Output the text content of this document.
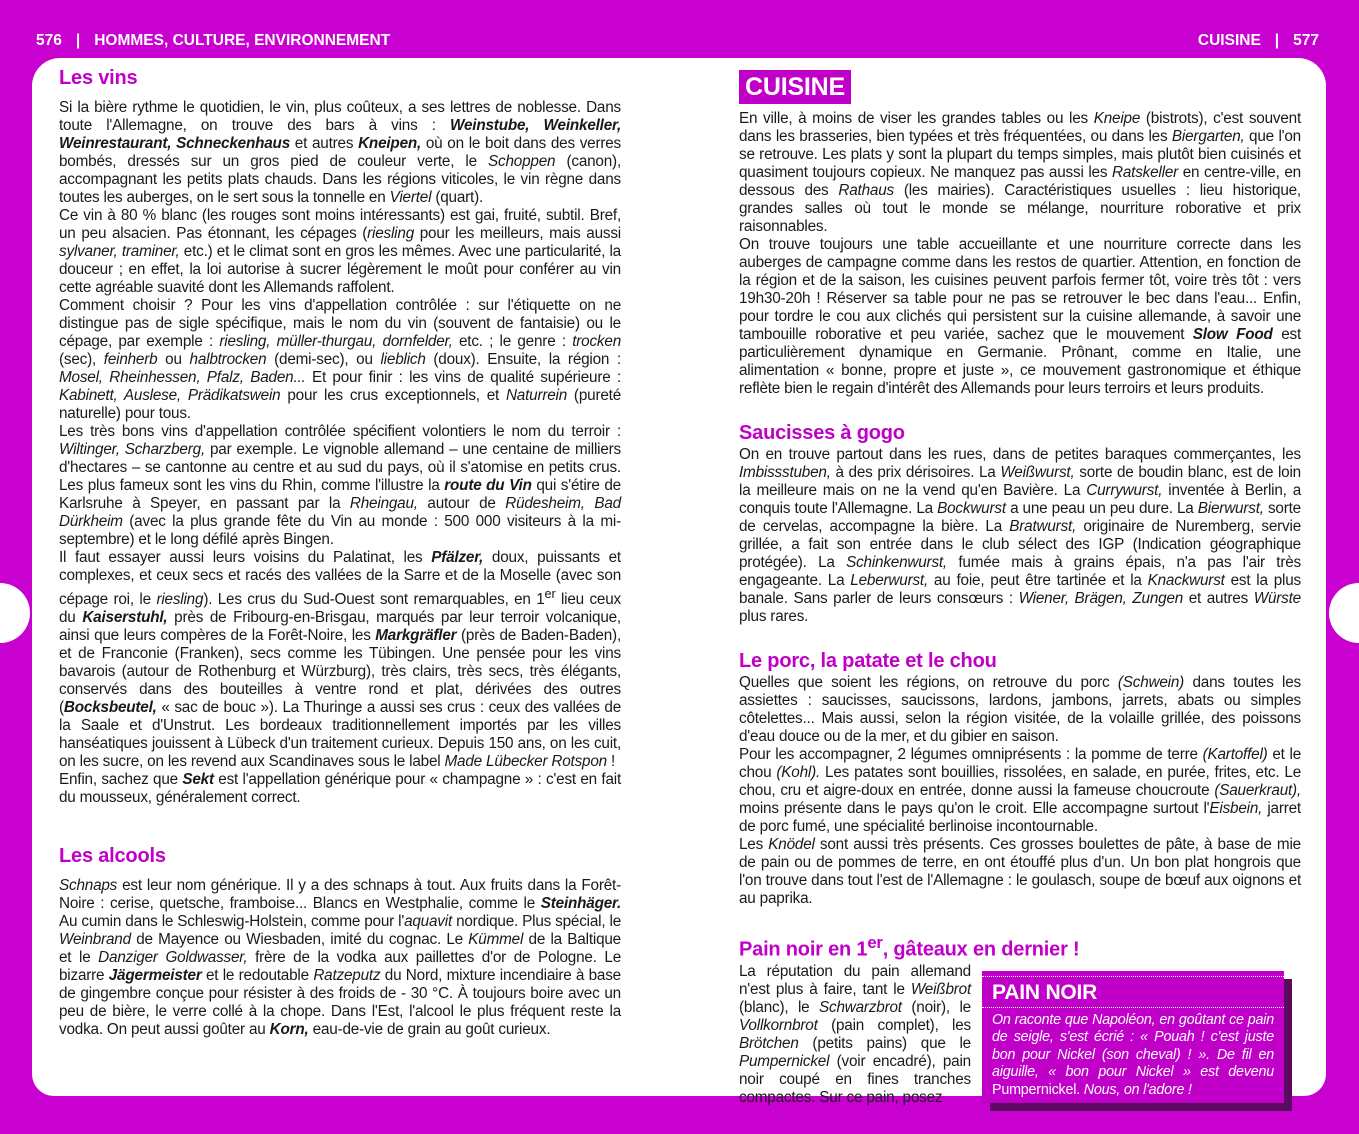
576 | HOMMES, CULTURE, ENVIRONNEMENT	CUISINE | 577
Les vins

Si la bière rythme le quotidien, le vin, plus coûteux, a ses lettres de noblesse. Dans toute l'Allemagne, on trouve des bars à vins : Weinstube, Weinkeller, Weinrestaurant, Schneckenhaus et autres Kneipen, où on le boit dans des verres bombés, dressés sur un gros pied de couleur verte, le Schoppen (canon), accompagnant les petits plats chauds. Dans les régions viticoles, le vin règne dans toutes les auberges, on le sert sous la tonnelle en Viertel (quart).

Ce vin à 80 % blanc (les rouges sont moins intéressants) est gai, fruité, subtil. Bref, un peu alsacien. Pas étonnant, les cépages (riesling pour les meilleurs, mais aussi sylvaner, traminer, etc.) et le climat sont en gros les mêmes. Avec une particularité, la douceur ; en effet, la loi autorise à sucrer légèrement le moût pour conférer au vin cette agréable suavité dont les Allemands raffolent.

Comment choisir ? Pour les vins d'appellation contrôlée : sur l'étiquette on ne distingue pas de sigle spécifique, mais le nom du vin (souvent de fantaisie) ou le cépage, par exemple : riesling, müller-thurgau, dornfelder, etc. ; le genre : trocken (sec), feinherb ou halbtrocken (demi-sec), ou lieblich (doux). Ensuite, la région : Mosel, Rheinhessen, Pfalz, Baden... Et pour finir : les vins de qualité supérieure : Kabinett, Auslese, Prädikatswein pour les crus exceptionnels, et Naturrein (pureté naturelle) pour tous.

Les très bons vins d'appellation contrôlée spécifient volontiers le nom du terroir : Wiltinger, Scharzberg, par exemple. Le vignoble allemand – une centaine de milliers d'hectares – se cantonne au centre et au sud du pays, où il s'atomise en petits crus. Les plus fameux sont les vins du Rhin, comme l'illustre la route du Vin qui s'étire de Karlsruhe à Speyer, en passant par la Rheingau, autour de Rüdesheim, Bad Dürkheim (avec la plus grande fête du Vin au monde : 500 000 visiteurs à la mi-septembre) et le long défilé après Bingen.

Il faut essayer aussi leurs voisins du Palatinat, les Pfälzer, doux, puissants et complexes, et ceux secs et racés des vallées de la Sarre et de la Moselle (avec son cépage roi, le riesling). Les crus du Sud-Ouest sont remarquables, en 1er lieu ceux du Kaiserstuhl, près de Fribourg-en-Brisgau, marqués par leur terroir volcanique, ainsi que leurs compères de la Forêt-Noire, les Markgräfler (près de Baden-Baden), et de Franconie (Franken), secs comme les Tübingen. Une pensée pour les vins bavarois (autour de Rothenburg et Würzburg), très clairs, très secs, très élégants, conservés dans des bouteilles à ventre rond et plat, dérivées des outres (Bocksbeutel, « sac de bouc »). La Thuringe a aussi ses crus : ceux des vallées de la Saale et d'Unstrut. Les bordeaux traditionnellement importés par les villes hanséatiques jouissent à Lübeck d'un traitement curieux. Depuis 150 ans, on les cuit, on les sucre, on les revend aux Scandinaves sous le label Made Lübecker Rotspon !

Enfin, sachez que Sekt est l'appellation générique pour « champagne » : c'est en fait du mousseux, généralement correct.

Les alcools

Schnaps est leur nom générique. Il y a des schnaps à tout. Aux fruits dans la Forêt-Noire : cerise, quetsche, framboise... Blancs en Westphalie, comme le Steinhäger. Au cumin dans le Schleswig-Holstein, comme pour l'aquavit nordique. Plus spécial, le Weinbrand de Mayence ou Wiesbaden, imité du cognac. Le Kümmel de la Baltique et le Danziger Goldwasser, frère de la vodka aux paillettes d'or de Pologne. Le bizarre Jägermeister et le redoutable Ratzeputz du Nord, mixture incendiaire à base de gingembre conçue pour résister à des froids de - 30 °C. À toujours boire avec un peu de bière, le verre collé à la chope. Dans l'Est, l'alcool le plus fréquent reste la vodka. On peut aussi goûter au Korn, eau-de-vie de grain au goût curieux.

CUISINE

En ville, à moins de viser les grandes tables ou les Kneipe (bistrots), c'est souvent dans les brasseries, bien typées et très fréquentées, ou dans les Biergarten, que l'on se retrouve. Les plats y sont la plupart du temps simples, mais plutôt bien cuisinés et quasiment toujours copieux. Ne manquez pas aussi les Ratskeller en centre-ville, en dessous des Rathaus (les mairies). Caractéristiques usuelles : lieu historique, grandes salles où tout le monde se mélange, nourriture roborative et prix raisonnables.

On trouve toujours une table accueillante et une nourriture correcte dans les auberges de campagne comme dans les restos de quartier. Attention, en fonction de la région et de la saison, les cuisines peuvent parfois fermer tôt, voire très tôt : vers 19h30-20h ! Réserver sa table pour ne pas se retrouver le bec dans l'eau... Enfin, pour tordre le cou aux clichés qui persistent sur la cuisine allemande, à savoir une tambouille roborative et peu variée, sachez que le mouvement Slow Food est particulièrement dynamique en Germanie. Prônant, comme en Italie, une alimentation « bonne, propre et juste », ce mouvement gastronomique et éthique reflète bien le regain d'intérêt des Allemands pour leurs terroirs et leurs produits.

Saucisses à gogo

On en trouve partout dans les rues, dans de petites baraques commerçantes, les Imbissstuben, à des prix dérisoires. La Weißwurst, sorte de boudin blanc, est de loin la meilleure mais on ne la vend qu'en Bavière. La Currywurst, inventée à Berlin, a conquis toute l'Allemagne. La Bockwurst a une peau un peu dure. La Bierwurst, sorte de cervelas, accompagne la bière. La Bratwurst, originaire de Nuremberg, servie grillée, a fait son entrée dans le club sélect des IGP (Indication géographique protégée). La Schinkenwurst, fumée mais à grains épais, n'a pas l'air très engageante. La Leberwurst, au foie, peut être tartinée et la Knackwurst est la plus banale. Sans parler de leurs consœurs : Wiener, Brägen, Zungen et autres Würste plus rares.

Le porc, la patate et le chou

Quelles que soient les régions, on retrouve du porc (Schwein) dans toutes les assiettes : saucisses, saucissons, lardons, jambons, jarrets, abats ou simples côtelettes... Mais aussi, selon la région visitée, de la volaille grillée, des poissons d'eau douce ou de la mer, et du gibier en saison.

Pour les accompagner, 2 légumes omniprésents : la pomme de terre (Kartoffel) et le chou (Kohl). Les patates sont bouillies, rissolées, en salade, en purée, frites, etc. Le chou, cru et aigre-doux en entrée, donne aussi la fameuse choucroute (Sauerkraut), moins présente dans le pays qu'on le croit. Elle accompagne surtout l'Eisbein, jarret de porc fumé, une spécialité berlinoise incontournable.

Les Knödel sont aussi très présents. Ces grosses boulettes de pâte, à base de mie de pain ou de pommes de terre, en ont étouffé plus d'un. Un bon plat hongrois que l'on trouve dans tout l'est de l'Allemagne : le goulasch, soupe de bœuf aux oignons et au paprika.

Pain noir en 1er, gâteaux en dernier !
La réputation du pain allemand n'est plus à faire, tant le Weißbrot (blanc), le Schwarzbrot (noir), le Vollkornbrot (pain complet), les Brötchen (petits pains) que le Pumpernickel (voir encadré), pain noir coupé en fines tranches compactes. Sur ce pain, posez
PAIN NOIR
On raconte que Napoléon, en goûtant ce pain de seigle, s'est écrié : « Pouah ! c'est juste bon pour Nickel (son cheval) ! ». De fil en aiguille, « bon pour Nickel » est devenu Pumpernickel. Nous, on l'adore !
